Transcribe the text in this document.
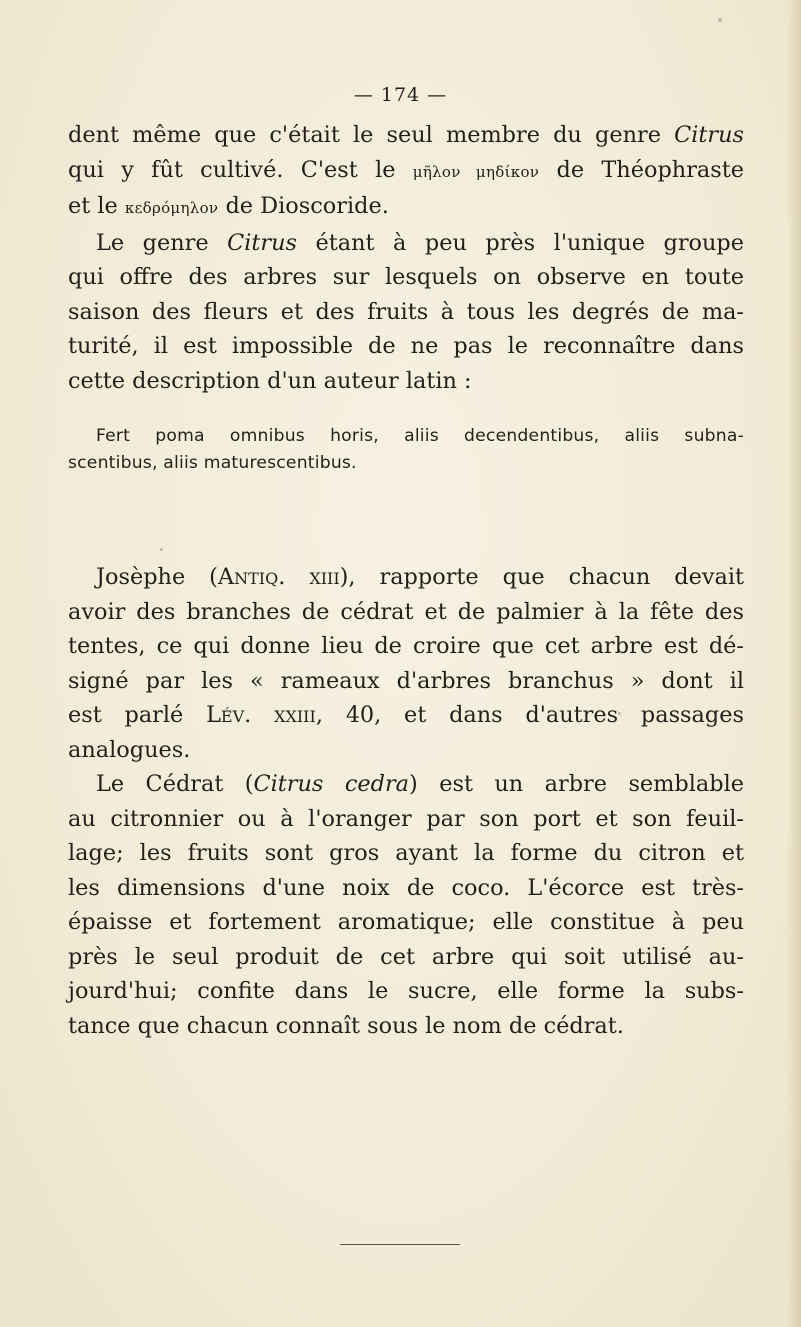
— 174 —
dent même que c'était le seul membre du genre Citrus
qui y fût cultivé. C'est le μῆλον μηδίκον de Théophraste
et le κεδρόμηλον de Dioscoride.
Le genre Citrus étant à peu près l'unique groupe
qui offre des arbres sur lesquels on observe en toute
saison des fleurs et des fruits à tous les degrés de ma-
turité, il est impossible de ne pas le reconnaître dans
cette description d'un auteur latin :
Fert poma omnibus horis, aliis decendentibus, aliis subna-
scentibus, aliis maturescentibus.
Josèphe (Antiq. xiii), rapporte que chacun devait
avoir des branches de cédrat et de palmier à la fête des
tentes, ce qui donne lieu de croire que cet arbre est dé-
signé par les « rameaux d'arbres branchus » dont il
est parlé Lév. xxiii, 40, et dans d'autres passages
analogues.
Le Cédrat (Citrus cedra) est un arbre semblable
au citronnier ou à l'oranger par son port et son feuil-
lage; les fruits sont gros ayant la forme du citron et
les dimensions d'une noix de coco. L'écorce est très-
épaisse et fortement aromatique; elle constitue à peu
près le seul produit de cet arbre qui soit utilisé au-
jourd'hui; confite dans le sucre, elle forme la subs-
tance que chacun connaît sous le nom de cédrat.
